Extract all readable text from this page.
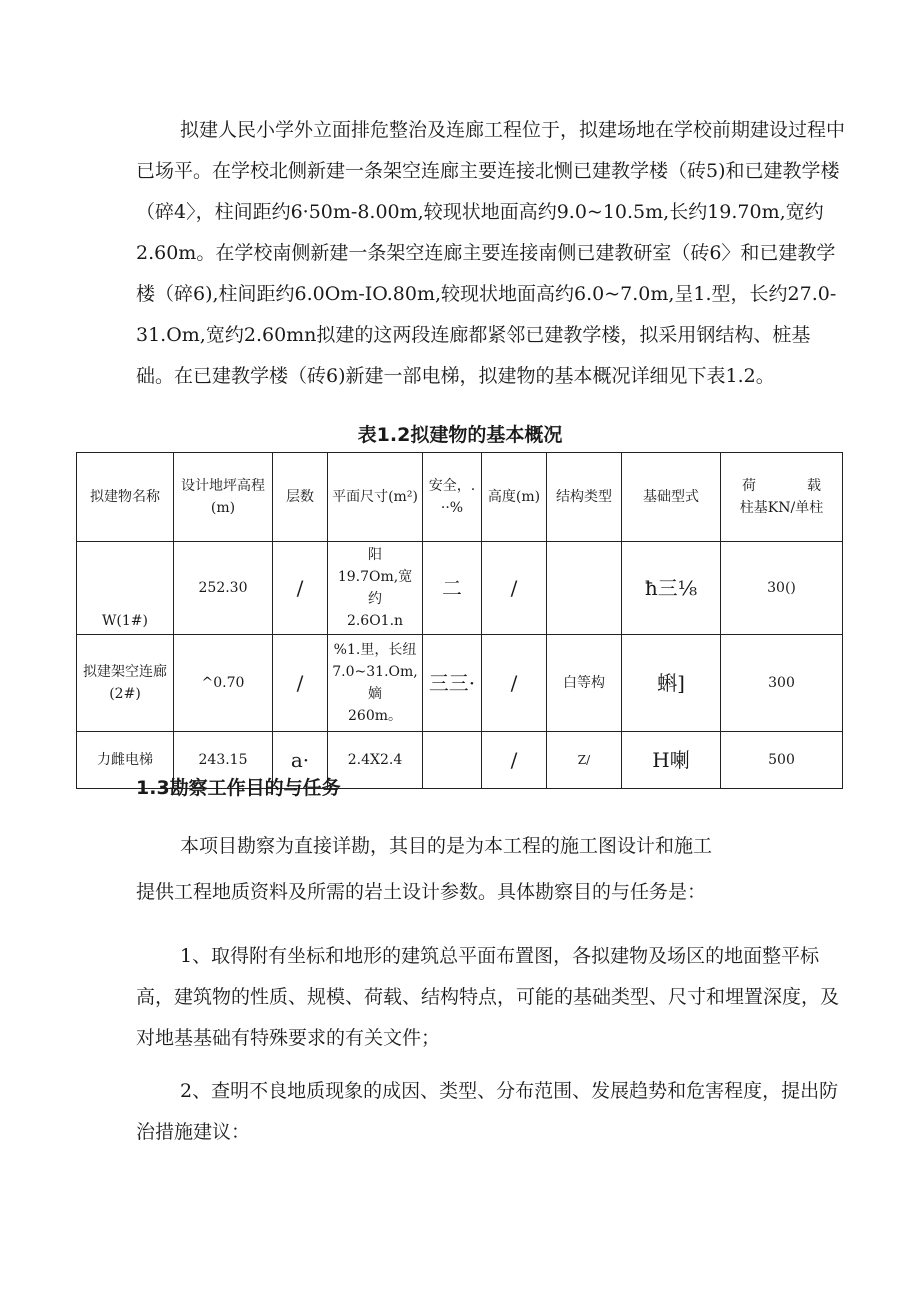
拟建人民小学外立面排危整治及连廊工程位于，拟建场地在学校前期建设过程中已场平。在学校北侧新建一条架空连廊主要连接北恻已建教学楼（砖5)和已建教学楼（碎4〉，柱间距约6·50m-8.00m,较现状地面高约9.0~10.5m,长约19.70m,宽约2.60m。在学校南侧新建一条架空连廊主要连接南侧已建教研室（砖6〉和已建教学楼（碎6),柱间距约6.0Om-IO.80m,较现状地面高约6.0~7.0m,呈1.型，长约27.0-31.Om,宽约2.60mn拟建的这两段连廊都紧邻已建教学楼，拟采用钢结构、桩基础。在已建教学楼（砖6)新建一部电梯，拟建物的基本概况详细见下表1.2。

表1.2拟建物的基本概况

拟建物名称	设计地坪高程(m)	层数	平面尺寸(m²)	安全，. ··%	高度(m)	结构类型	基础型式	荷　　载
柱基KN/单柱

W(1#)	252.30	/	阳
19.7Om,宽约
2.6O1.n	二	/		ħ三⅛	30()
拟建架空连廊(2#)	^0.70	/	%1.里，长纽
7.0~31.Om,嫡
260m。	三三·	/	白等构	蝌]	300
力雌电梯	243.15	a·	2.4X2.4		/	Z/	H喇	500
1.3勘察工作目的与任务

本项目勘察为直接详勘，其目的是为本工程的施工图设计和施工

提供工程地质资料及所需的岩土设计参数。具体勘察目的与任务是：

1、取得附有坐标和地形的建筑总平面布置图，各拟建物及场区的地面整平标高，建筑物的性质、规模、荷载、结构特点，可能的基础类型、尺寸和埋置深度，及对地基基础有特殊要求的有关文件；

2、查明不良地质现象的成因、类型、分布范围、发展趋势和危害程度，提出防治措施建议：
